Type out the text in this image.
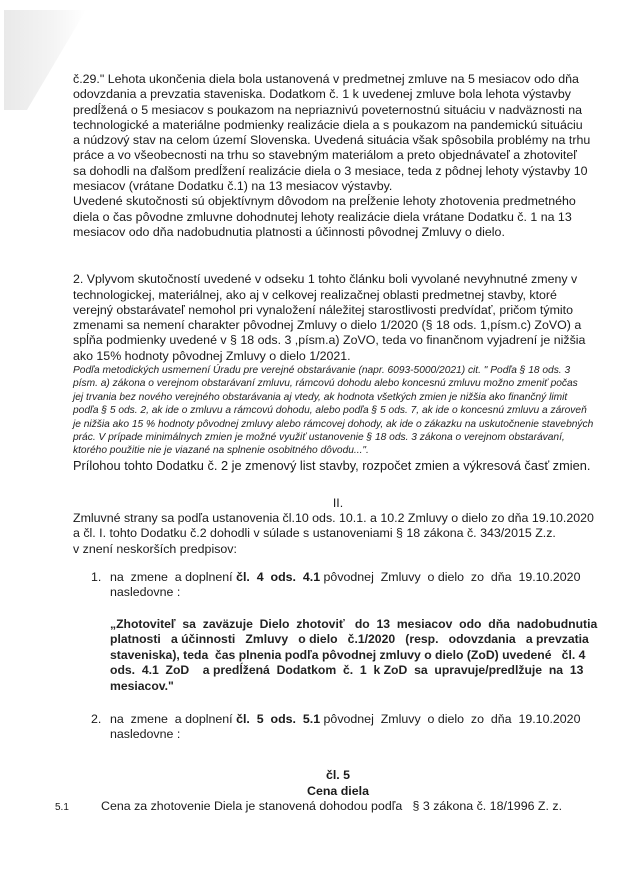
č.29." Lehota ukončenia diela bola ustanovená v predmetnej zmluve na 5 mesiacov odo dňa
odovzdania a prevzatia staveniska. Dodatkom č. 1 k uvedenej zmluve bola lehota výstavby
predĺžená o 5 mesiacov s poukazom na nepriaznivú poveternostnú situáciu v nadväznosti na
technologické a materiálne podmienky realizácie diela a s poukazom na pandemickú situáciu
a núdzový stav na celom území Slovenska. Uvedená situácia však spôsobila problémy na trhu
práce a vo všeobecnosti na trhu so stavebným materiálom a preto objednávateľ a zhotoviteľ
sa dohodli na ďalšom predĺžení realizácie diela o 3 mesiace, teda z pôdnej lehoty výstavby 10
mesiacov (vrátane Dodatku č.1) na 13 mesiacov výstavby.
Uvedené skutočnosti sú objektívnym dôvodom na preĺženie lehoty zhotovenia predmetného
diela o čas pôvodne zmluvne dohodnutej lehoty realizácie diela vrátane Dodatku č. 1 na 13
mesiacov odo dňa nadobudnutia platnosti a účinnosti pôvodnej Zmluvy o dielo.
2. Vplyvom skutočností uvedené v odseku 1 tohto článku boli vyvolané nevyhnutné zmeny v
technologickej, materiálnej, ako aj v celkovej realizačnej oblasti predmetnej stavby, ktoré
verejný obstarávateľ nemohol pri vynaložení náležitej starostlivosti predvídať, pričom týmito
zmenami sa nemení charakter pôvodnej Zmluvy o dielo 1/2020 (§ 18 ods. 1,písm.c) ZoVO) a
spĺňa podmienky uvedené v § 18 ods. 3 ,písm.a) ZoVO, teda vo finančnom vyjadrení je nižšia
ako 15% hodnoty pôvodnej Zmluvy o dielo 1/2021.
Podľa metodických usmernení Úradu pre verejné obstarávanie (napr. 6093-5000/2021) cit. " Podľa § 18 ods. 3
písm. a) zákona o verejnom obstarávaní zmluvu, rámcovú dohodu alebo koncesnú zmluvu možno zmeniť počas
jej trvania bez nového verejného obstarávania aj vtedy, ak hodnota všetkých zmien je nižšia ako finančný limit
podľa § 5 ods. 2, ak ide o zmluvu a rámcovú dohodu, alebo podľa § 5 ods. 7, ak ide o koncesnú zmluvu a zároveň
je nižšia ako 15 % hodnoty pôvodnej zmluvy alebo rámcovej dohody, ak ide o zákazku na uskutočnenie stavebných
prác. V prípade minimálnych zmien je možné využiť ustanovenie § 18 ods. 3 zákona o verejnom obstarávaní,
ktorého použitie nie je viazané na splnenie osobitného dôvodu...".
Prílohou tohto Dodatku č. 2 je zmenový list stavby, rozpočet zmien a výkresová časť zmien.
II.
Zmluvné strany sa podľa ustanovenia čl.10 ods. 10.1. a 10.2 Zmluvy o dielo zo dňa 19.10.2020
a čl. I. tohto Dodatku č.2 dohodli v súlade s ustanoveniami § 18 zákona č. 343/2015 Z.z.
v znení neskorších predpisov:
1. na  zmene  a doplnení čl.  4  ods.  4.1 pôvodnej  Zmluvy  o dielo  zo  dňa  19.10.2020
nasledovne :
„Zhotoviteľ  sa  zaväzuje  Dielo  zhotoviť   do  13  mesiacov  odo  dňa  nadobudnutia
platnosti   a účinnosti   Zmluvy   o dielo   č.1/2020   (resp.   odovzdania   a prevzatia
staveniska), teda  čas plnenia podľa pôvodnej zmluvy o dielo (ZoD) uvedené   čl. 4
ods.  4.1  ZoD    a predĺžená  Dodatkom  č.  1  k ZoD  sa  upravuje/predlžuje  na  13
mesiacov."
2. na  zmene  a doplnení čl.  5  ods.  5.1 pôvodnej  Zmluvy  o dielo  zo  dňa  19.10.2020
nasledovne :
čl. 5
Cena diela
5.1	Cena za zhotovenie Diela je stanovená dohodou podľa   § 3 zákona č. 18/1996 Z. z.
